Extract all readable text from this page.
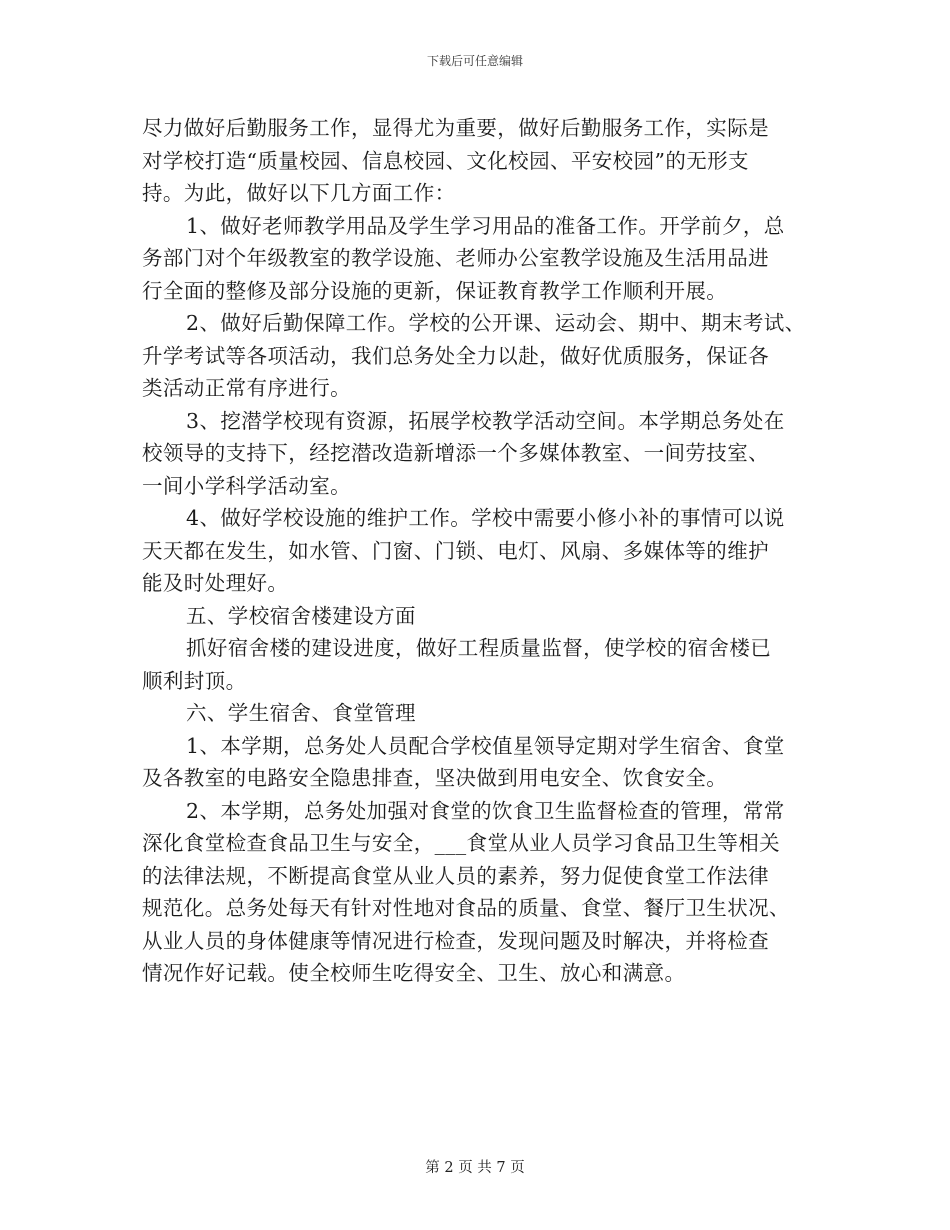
下载后可任意编辑
尽力做好后勤服务工作，显得尤为重要，做好后勤服务工作，实际是
对学校打造“质量校园、信息校园、文化校园、平安校园”的无形支
持。为此，做好以下几方面工作：
1、做好老师教学用品及学生学习用品的准备工作。开学前夕，总
务部门对个年级教室的教学设施、老师办公室教学设施及生活用品进
行全面的整修及部分设施的更新，保证教育教学工作顺利开展。
2、做好后勤保障工作。学校的公开课、运动会、期中、期末考试、
升学考试等各项活动，我们总务处全力以赴，做好优质服务，保证各
类活动正常有序进行。
3、挖潜学校现有资源，拓展学校教学活动空间。本学期总务处在
校领导的支持下，经挖潜改造新增添一个多媒体教室、一间劳技室、
一间小学科学活动室。
4、做好学校设施的维护工作。学校中需要小修小补的事情可以说
天天都在发生，如水管、门窗、门锁、电灯、风扇、多媒体等的维护
能及时处理好。
五、学校宿舍楼建设方面
抓好宿舍楼的建设进度，做好工程质量监督，使学校的宿舍楼已
顺利封顶。
六、学生宿舍、食堂管理
1、本学期，总务处人员配合学校值星领导定期对学生宿舍、食堂
及各教室的电路安全隐患排查，坚决做到用电安全、饮食安全。
2、本学期，总务处加强对食堂的饮食卫生监督检查的管理，常常
深化食堂检查食品卫生与安全，___食堂从业人员学习食品卫生等相关
的法律法规，不断提高食堂从业人员的素养，努力促使食堂工作法律
规范化。总务处每天有针对性地对食品的质量、食堂、餐厅卫生状况、
从业人员的身体健康等情况进行检查，发现问题及时解决，并将检查
情况作好记载。使全校师生吃得安全、卫生、放心和满意。
第 2 页 共 7 页
